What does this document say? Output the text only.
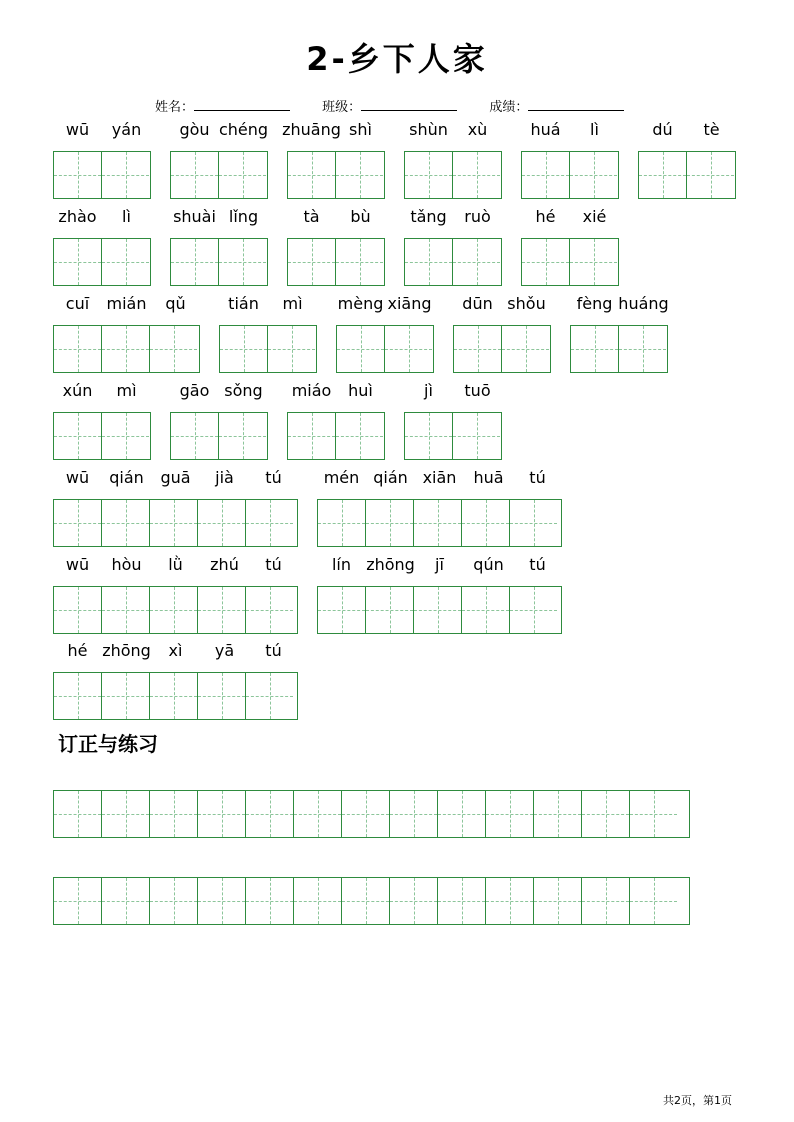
2-乡下人家
姓名：	班级：	成绩：
wū yán gòu chéng zhuāng shì shùn xù	huá lì	dú tè
zhào lì	shuài lǐng	tà bù tǎng ruò	hé xié
cuī mián qǔ	tián mì mèng xiāng dūn shǒu fèng huáng
xún mì	gāo sǒng miáo huì	jì tuō
wū qián guā jià tú	mén qián xiān huā tú
wū hòu lǜ zhú tú	lín zhōng jī qún tú
hé zhōng xì yā tú
订正与练习
共2页，第1页
